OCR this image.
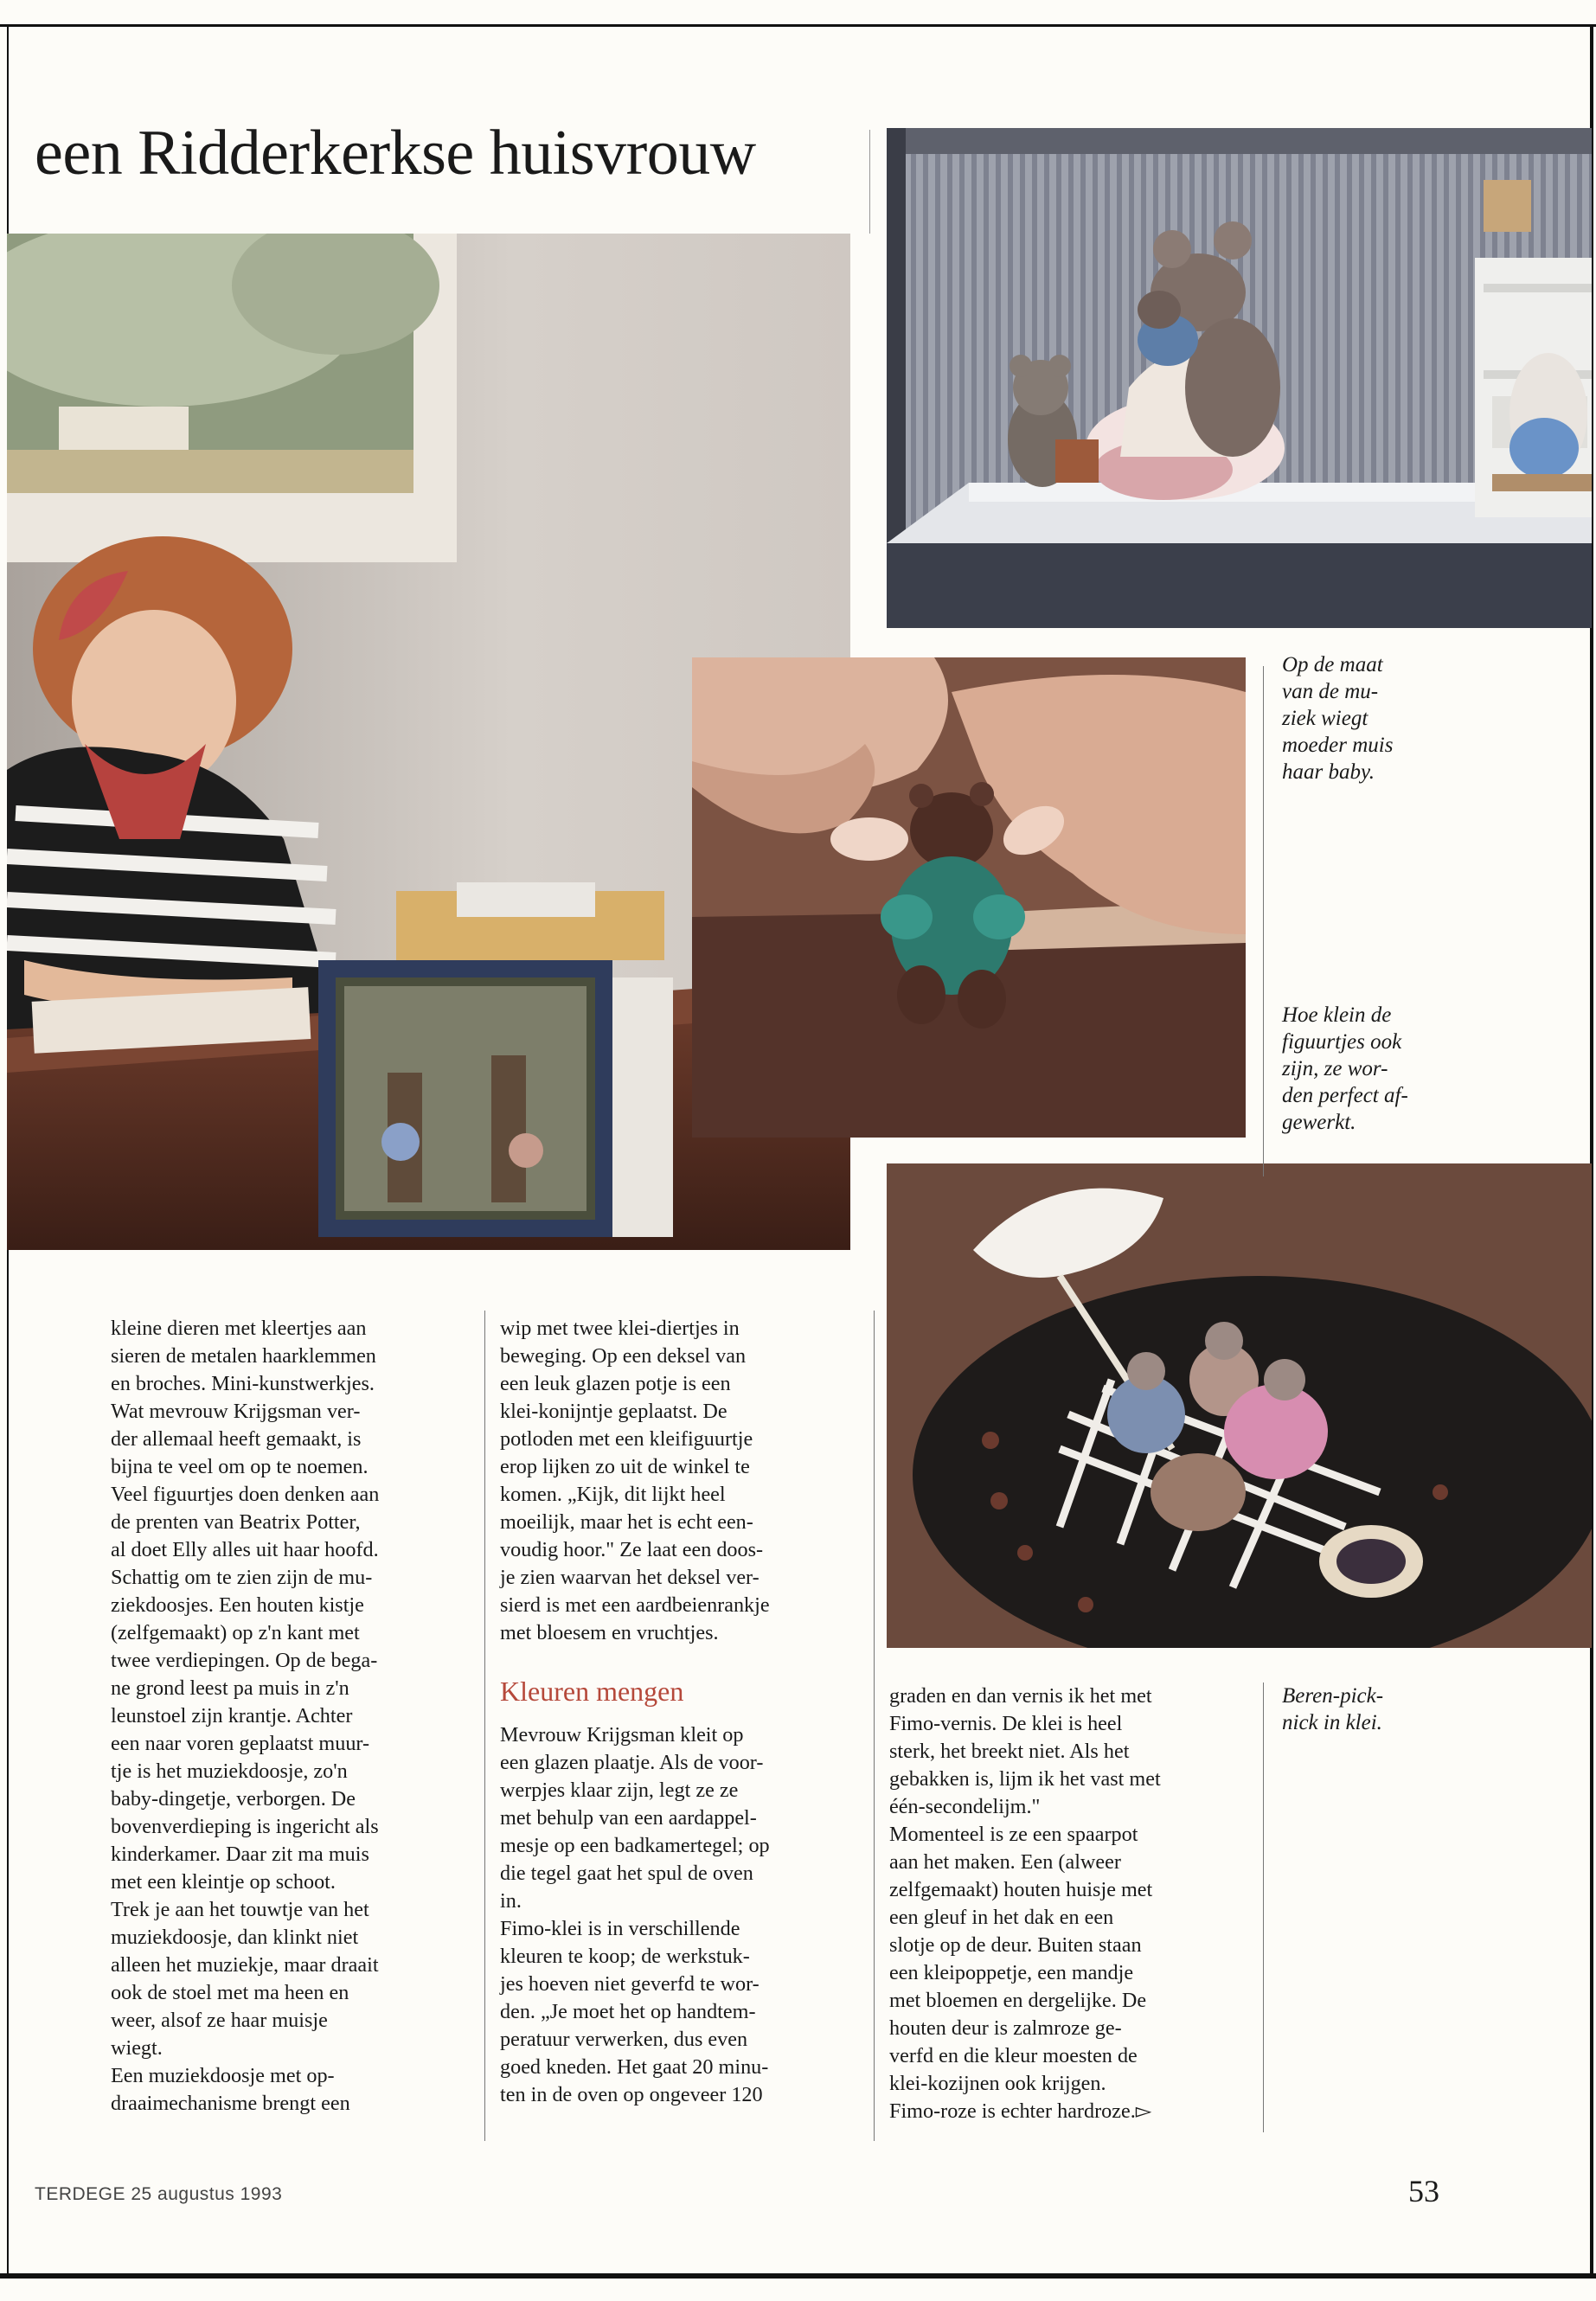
een Ridderkerkse huisvrouw
Op de maat
van de mu-
ziek wiegt
moeder muis
haar baby.
Hoe klein de
figuurtjes ook
zijn, ze wor-
den perfect af-
gewerkt.
Beren-pick-
nick in klei.

kleine dieren met kleertjes aan

sieren de metalen haarklemmen

en broches. Mini-kunstwerkjes.

Wat mevrouw Krijgsman ver-

der allemaal heeft gemaakt, is

bijna te veel om op te noemen.

Veel figuurtjes doen denken aan

de prenten van Beatrix Potter,

al doet Elly alles uit haar hoofd.

Schattig om te zien zijn de mu-

ziekdoosjes. Een houten kistje

(zelfgemaakt) op z'n kant met

twee verdiepingen. Op de bega-

ne grond leest pa muis in z'n

leunstoel zijn krantje. Achter

een naar voren geplaatst muur-

tje is het muziekdoosje, zo'n

baby-dingetje, verborgen. De

bovenverdieping is ingericht als

kinderkamer. Daar zit ma muis

met een kleintje op schoot.

Trek je aan het touwtje van het

muziekdoosje, dan klinkt niet

alleen het muziekje, maar draait

ook de stoel met ma heen en

weer, alsof ze haar muisje

wiegt.

Een muziekdoosje met op-

draaimechanisme brengt een

wip met twee klei-diertjes in

beweging. Op een deksel van

een leuk glazen potje is een

klei-konijntje geplaatst. De

potloden met een kleifiguurtje

erop lijken zo uit de winkel te

komen. „Kijk, dit lijkt heel

moeilijk, maar het is echt een-

voudig hoor." Ze laat een doos-

je zien waarvan het deksel ver-

sierd is met een aardbeienrankje

met bloesem en vruchtjes.

Kleuren mengen

Mevrouw Krijgsman kleit op

een glazen plaatje. Als de voor-

werpjes klaar zijn, legt ze ze

met behulp van een aardappel-

mesje op een badkamertegel; op

die tegel gaat het spul de oven

in.

Fimo-klei is in verschillende

kleuren te koop; de werkstuk-

jes hoeven niet geverfd te wor-

den. „Je moet het op handtem-

peratuur verwerken, dus even

goed kneden. Het gaat 20 minu-

ten in de oven op ongeveer 120

graden en dan vernis ik het met

Fimo-vernis. De klei is heel

sterk, het breekt niet. Als het

gebakken is, lijm ik het vast met

één-secondelijm."

Momenteel is ze een spaarpot

aan het maken. Een (alweer

zelfgemaakt) houten huisje met

een gleuf in het dak en een

slotje op de deur. Buiten staan

een kleipoppetje, een mandje

met bloemen en dergelijke. De

houten deur is zalmroze ge-

verfd en die kleur moesten de

klei-kozijnen ook krijgen.

Fimo-roze is echter hardroze.▻

TERDEGE 25 augustus 1993	53
